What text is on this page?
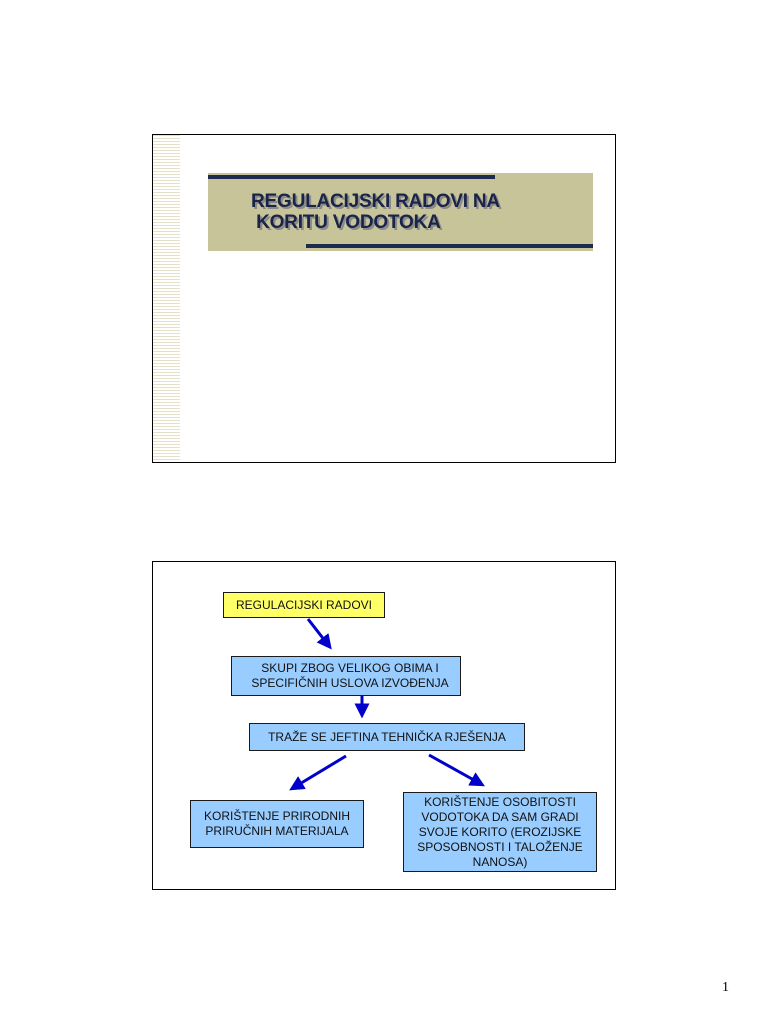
REGULACIJSKI RADOVI NA
KORITU VODOTOKA
REGULACIJSKI RADOVI
SKUPI ZBOG VELIKOG OBIMA I
SPECIFIČNIH USLOVA IZVOĐENJA
TRAŽE SE JEFTINA TEHNIČKA RJEŠENJA
KORIŠTENJE PRIRODNIH
PRIRUČNIH MATERIJALA
KORIŠTENJE OSOBITOSTI
VODOTOKA DA SAM GRADI
SVOJE KORITO (EROZIJSKE
SPOSOBNOSTI I TALOŽENJE
NANOSA)
1
